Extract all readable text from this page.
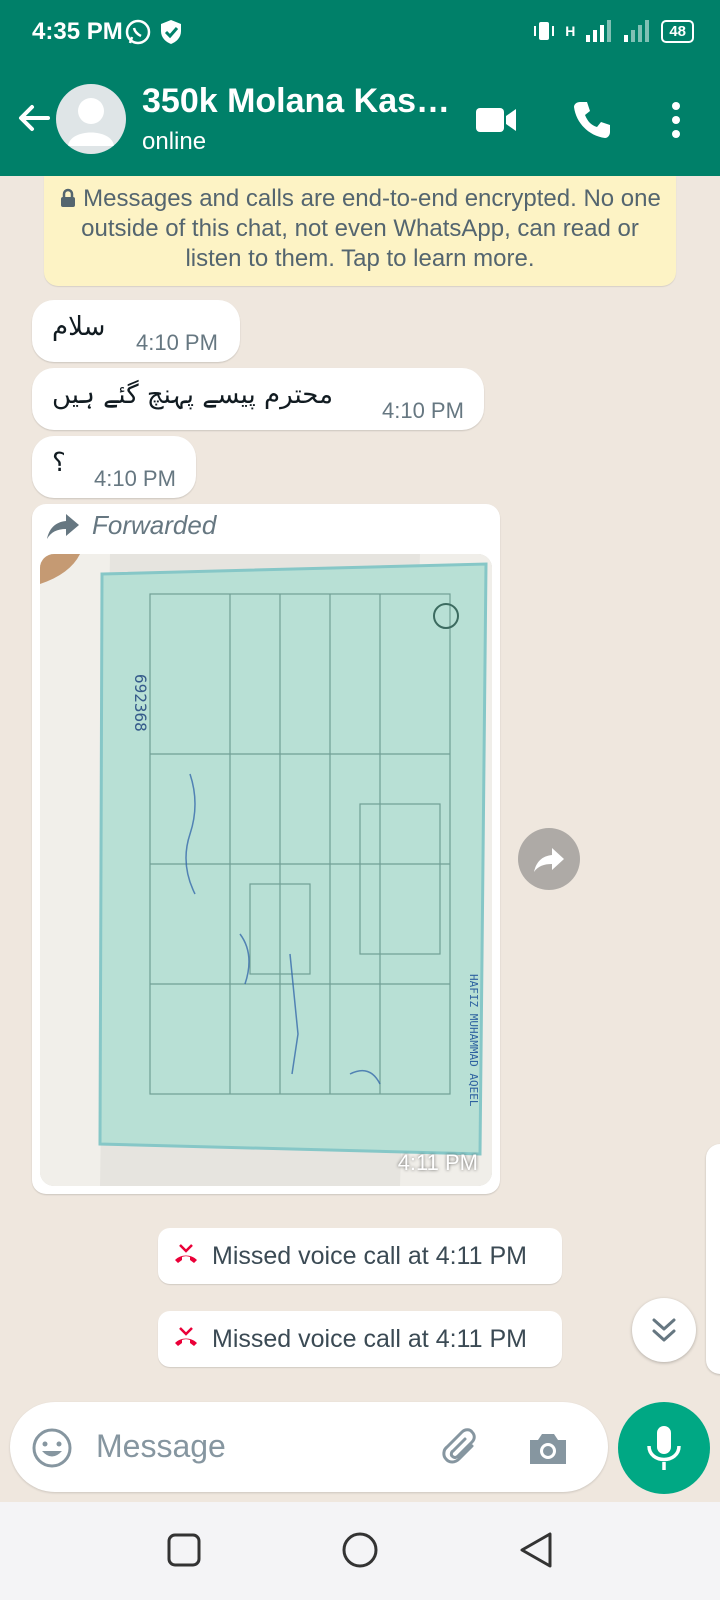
4:35 PM	H	48
350k Molana Kas…
online
Messages and calls are end-to-end encrypted. No one outside of this chat, not even WhatsApp, can read or listen to them. Tap to learn more.
سلام
4:10 PM
محترم پیسے پہنچ گئے ہیں
4:10 PM
؟
4:10 PM
Forwarded
692368
HAFIZ MUHAMMAD AQEEL
4:11 PM
Missed voice call at 4:11 PM
Missed voice call at 4:11 PM
Message
